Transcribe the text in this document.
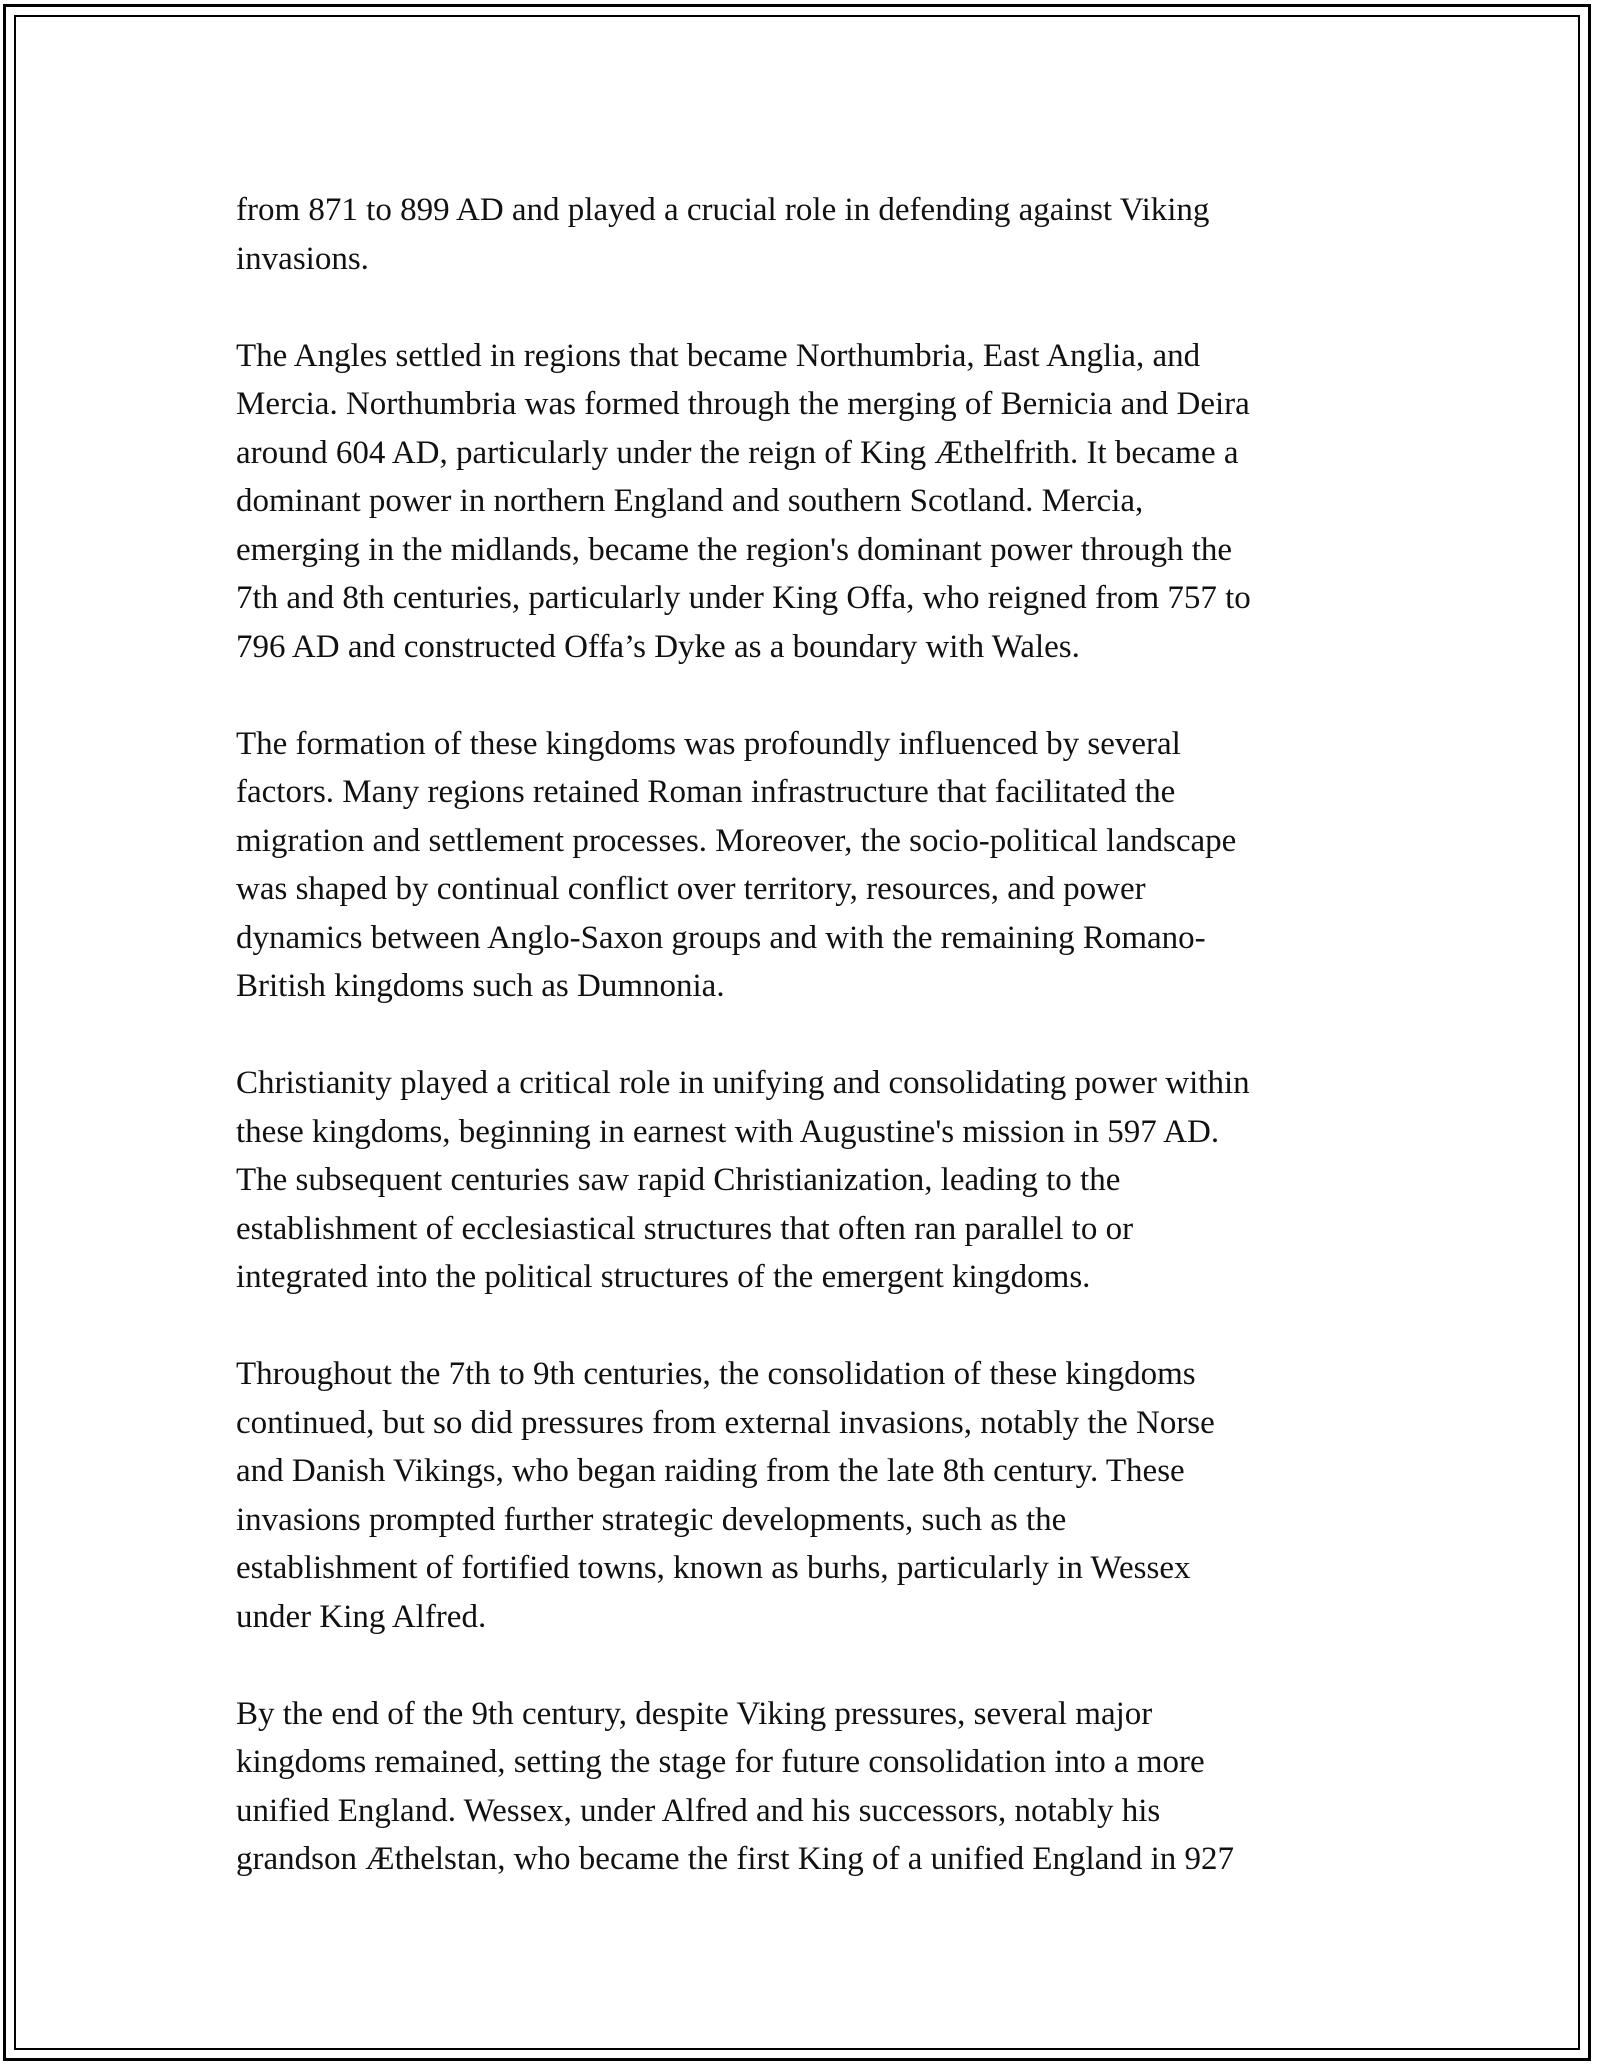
from 871 to 899 AD and played a crucial role in defending against Viking
invasions.

The Angles settled in regions that became Northumbria, East Anglia, and
Mercia. Northumbria was formed through the merging of Bernicia and Deira
around 604 AD, particularly under the reign of King Æthelfrith. It became a
dominant power in northern England and southern Scotland. Mercia,
emerging in the midlands, became the region's dominant power through the
7th and 8th centuries, particularly under King Offa, who reigned from 757 to
796 AD and constructed Offa’s Dyke as a boundary with Wales.

The formation of these kingdoms was profoundly influenced by several
factors. Many regions retained Roman infrastructure that facilitated the
migration and settlement processes. Moreover, the socio-political landscape
was shaped by continual conflict over territory, resources, and power
dynamics between Anglo-Saxon groups and with the remaining Romano-
British kingdoms such as Dumnonia.

Christianity played a critical role in unifying and consolidating power within
these kingdoms, beginning in earnest with Augustine's mission in 597 AD.
The subsequent centuries saw rapid Christianization, leading to the
establishment of ecclesiastical structures that often ran parallel to or
integrated into the political structures of the emergent kingdoms.

Throughout the 7th to 9th centuries, the consolidation of these kingdoms
continued, but so did pressures from external invasions, notably the Norse
and Danish Vikings, who began raiding from the late 8th century. These
invasions prompted further strategic developments, such as the
establishment of fortified towns, known as burhs, particularly in Wessex
under King Alfred.

By the end of the 9th century, despite Viking pressures, several major
kingdoms remained, setting the stage for future consolidation into a more
unified England. Wessex, under Alfred and his successors, notably his
grandson Æthelstan, who became the first King of a unified England in 927
